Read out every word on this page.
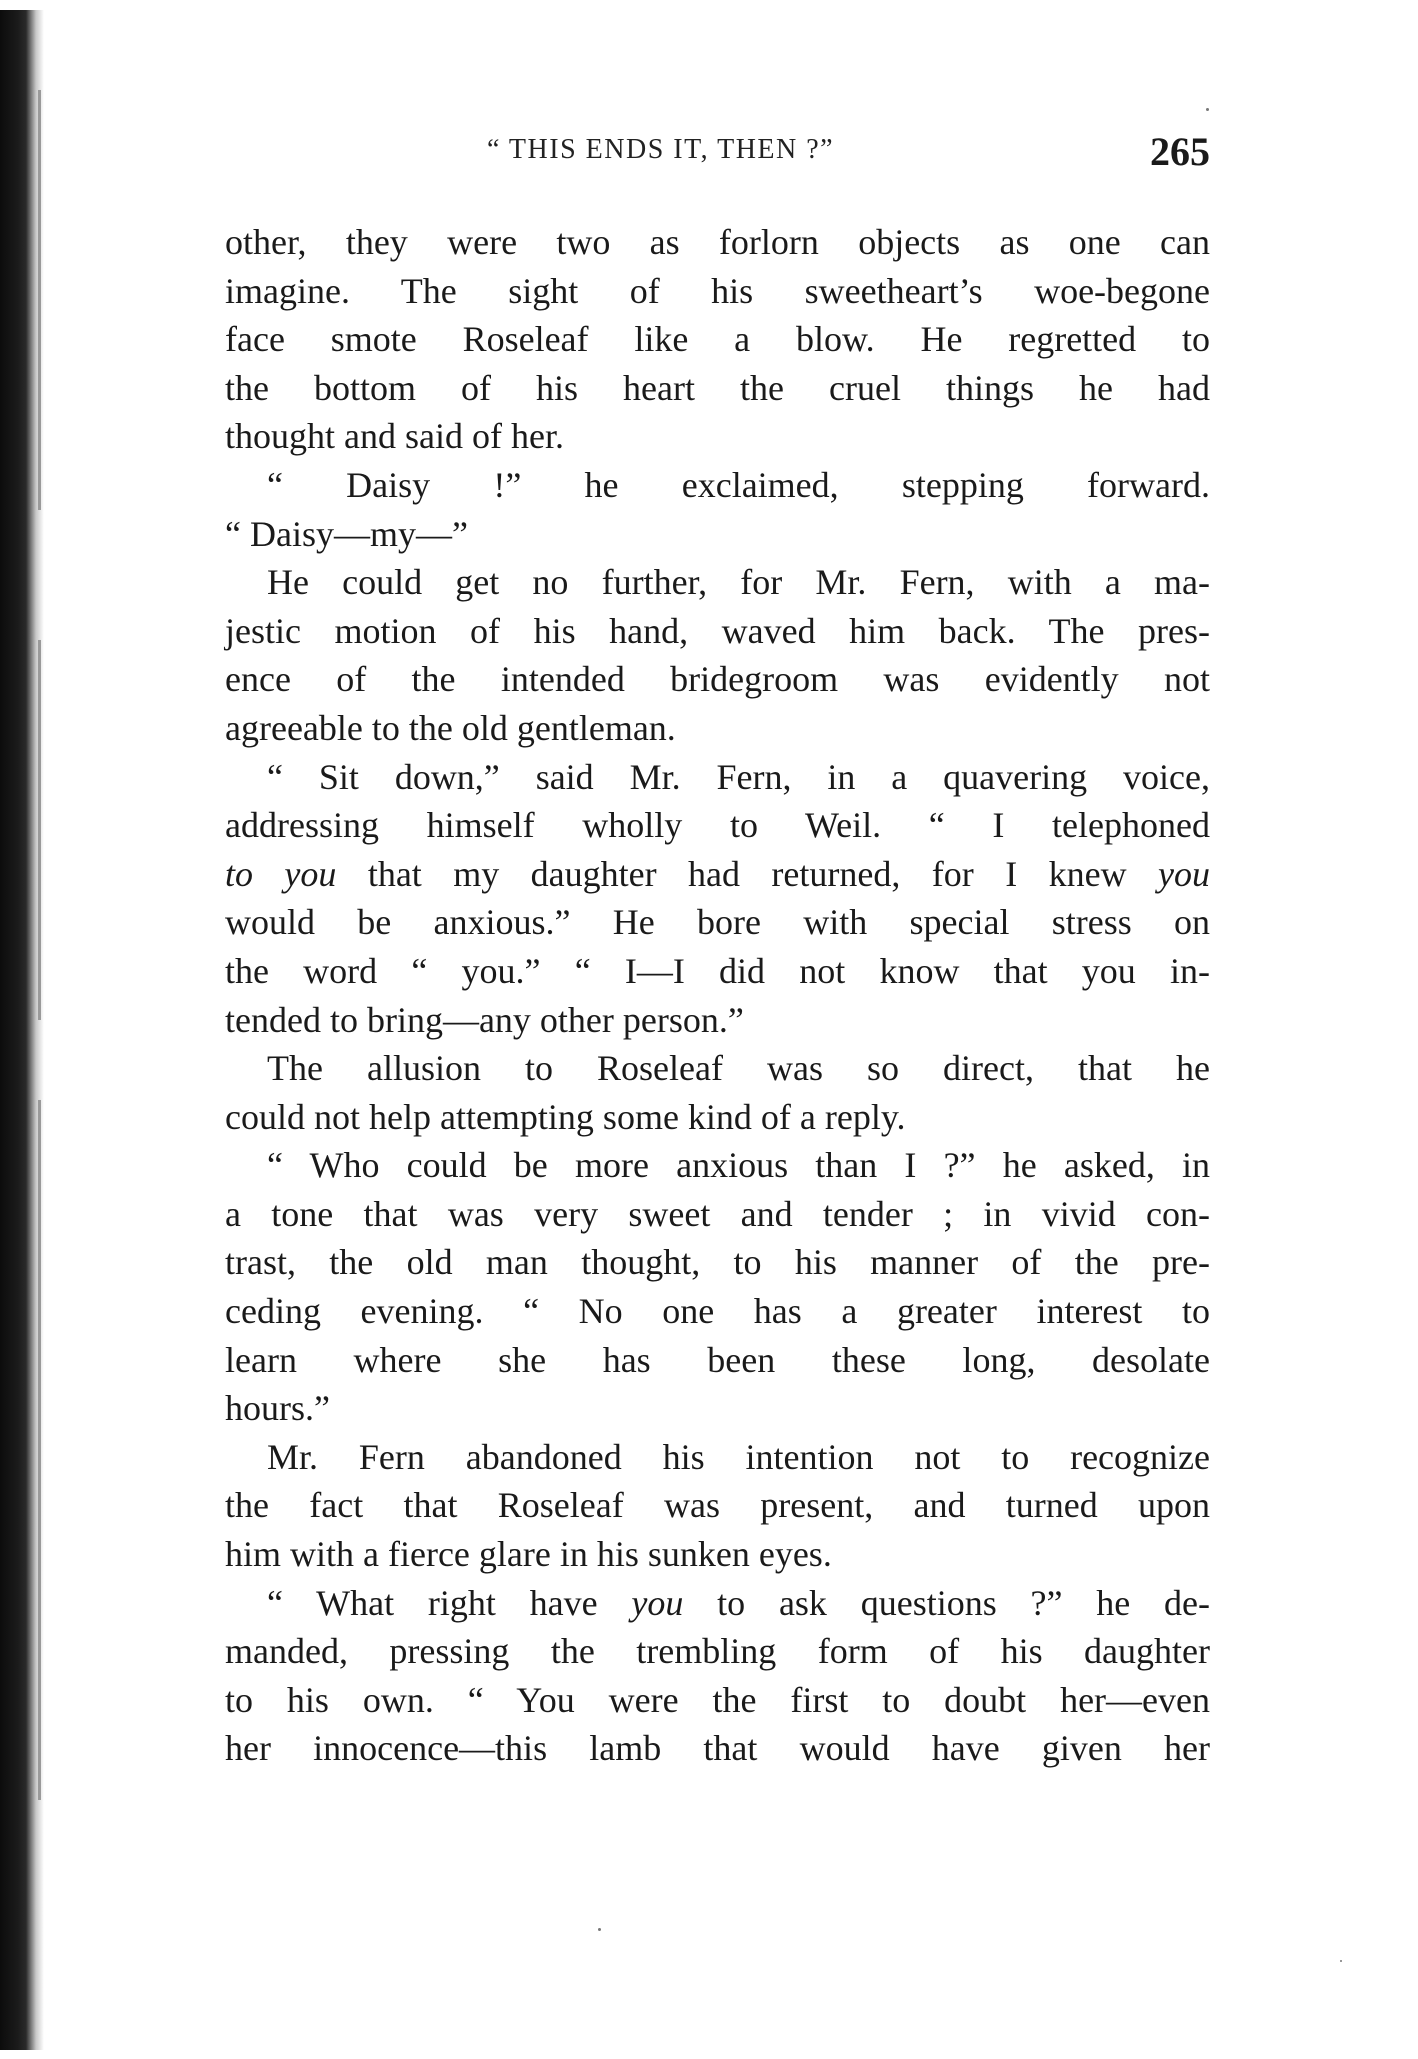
“ THIS ENDS IT, THEN ?”	265
other, they were two as forlorn objects as one can
imagine. The sight of his sweetheart’s woe-begone
face smote Roseleaf like a blow. He regretted to
the bottom of his heart the cruel things he had
thought and said of her.
“ Daisy !” he exclaimed, stepping forward.
“ Daisy—my—”
He could get no further, for Mr. Fern, with a ma-
jestic motion of his hand, waved him back. The pres-
ence of the intended bridegroom was evidently not
agreeable to the old gentleman.
“ Sit down,” said Mr. Fern, in a quavering voice,
addressing himself wholly to Weil. “ I telephoned
to you that my daughter had returned, for I knew you
would be anxious.” He bore with special stress on
the word “ you.” “ I—I did not know that you in-
tended to bring—any other person.”
The allusion to Roseleaf was so direct, that he
could not help attempting some kind of a reply.
“ Who could be more anxious than I ?” he asked, in
a tone that was very sweet and tender ; in vivid con-
trast, the old man thought, to his manner of the pre-
ceding evening. “ No one has a greater interest to
learn where she has been these long, desolate
hours.”
Mr. Fern abandoned his intention not to recognize
the fact that Roseleaf was present, and turned upon
him with a fierce glare in his sunken eyes.
“ What right have you to ask questions ?” he de-
manded, pressing the trembling form of his daughter
to his own. “ You were the first to doubt her—even
her innocence—this lamb that would have given her
